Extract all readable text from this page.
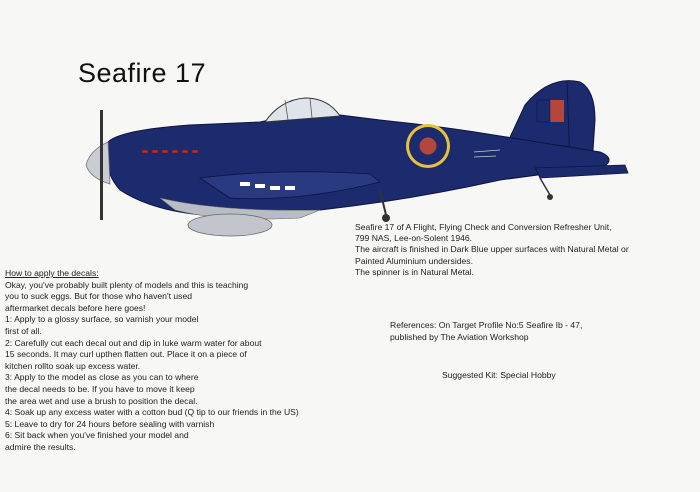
Seafire 17
Seafire 17 of A Flight, Flying Check and Conversion Refresher Unit,
799 NAS, Lee-on-Solent 1946.
The aircraft is finished in Dark Blue upper surfaces with Natural Metal or
Painted Aluminium undersides.
The spinner is in Natural Metal.
How to apply the decals:
Okay, you've probably built plenty of models and this is teaching
you to suck eggs. But for those who haven't used
aftermarket decals before here goes!
1: Apply to a glossy surface, so varnish your model
first of all.
2: Carefully cut each decal out and dip in luke warm water for about
15 seconds. It may curl upthen flatten out. Place it on a piece of
kitchen rollto soak up excess water.
3: Apply to the model as close as you can to where
the decal needs to be. If you have to move it keep
the area wet and use a brush to position the decal.
4: Soak up any excess water with a cotton bud (Q tip to our friends in the US)
5: Leave to dry for 24 hours before sealing with varnish
6: Sit back when you've finished your model and
admire the results.
References: On Target Profile No:5 Seafire Ib - 47,
published by The Aviation Workshop
Suggested Kit: Special Hobby
